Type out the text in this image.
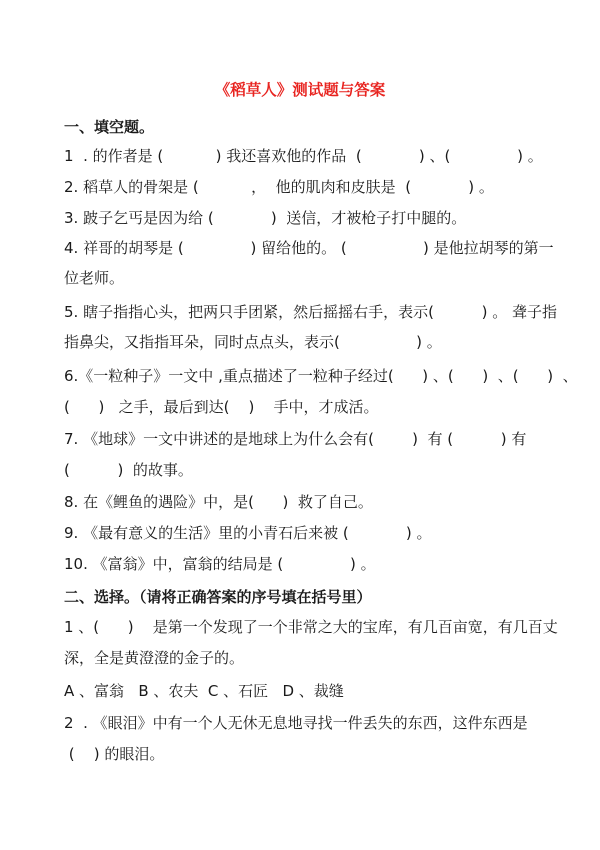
《稻草人》测试题与答案
一、填空题。
1  . 的作者是 (           ) 我还喜欢他的作品  (            ) 、(              ) 。
2. 稻草人的骨架是 (           ，  他的肌肉和皮肤是  (            ) 。
3. 跛子乞丐是因为给 (            )  送信，才被枪子打中腿的。
4. 祥哥的胡琴是 (              ) 留给他的。 (                ) 是他拉胡琴的第一
位老师。
5. 瞎子指指心头，把两只手团紧，然后摇摇右手，表示(          ) 。 聋子指
指鼻尖，又指指耳朵，同时点点头，表示(                ) 。
6.《一粒种子》一文中 ,重点描述了一粒种子经过(      ) 、(      )  、(      )  、
(      )   之手，最后到达(    )    手中，才成活。
7. 《地球》一文中讲述的是地球上为什么会有(        )  有 (          ) 有
(          )  的故事。
8. 在《鲤鱼的遇险》中，是(      )  救了自己。
9. 《最有意义的生活》里的小青石后来被 (            ) 。
10. 《富翁》中，富翁的结局是 (              ) 。
二、选择。（请将正确答案的序号填在括号里）
1 、(      )    是第一个发现了一个非常之大的宝库，有几百亩宽，有几百丈
深，全是黄澄澄的金子的。
A 、富翁   B 、农夫  C 、石匠   D 、裁缝
2  . 《眼泪》中有一个人无休无息地寻找一件丢失的东西，这件东西是
(    ) 的眼泪。
